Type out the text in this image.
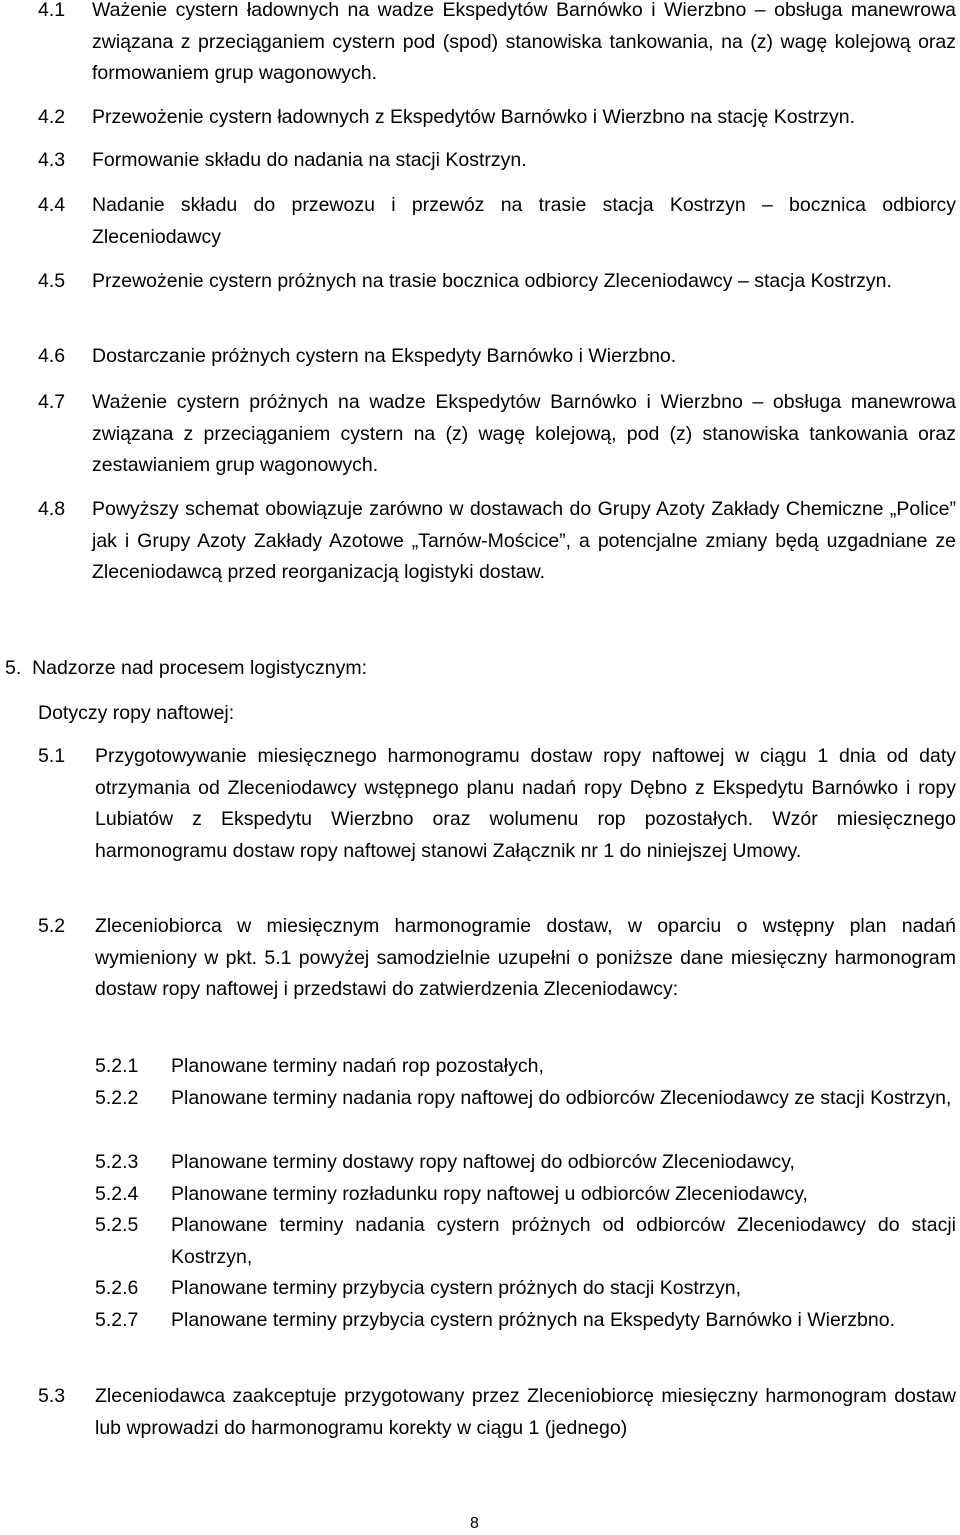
4.1	Ważenie cystern ładownych na wadze Ekspedytów Barnówko i Wierzbno – obsługa manewrowa związana z przeciąganiem cystern pod (spod) stanowiska tankowania, na (z) wagę kolejową oraz formowaniem grup wagonowych.
4.2	Przewożenie cystern ładownych z Ekspedytów Barnówko i Wierzbno na stację Kostrzyn.
4.3	Formowanie składu do nadania na stacji Kostrzyn.
4.4	Nadanie składu do przewozu i przewóz na trasie stacja Kostrzyn – bocznica odbiorcy Zleceniodawcy
4.5	Przewożenie cystern próżnych na trasie bocznica odbiorcy Zleceniodawcy – stacja Kostrzyn.
4.6	Dostarczanie próżnych cystern na Ekspedyty Barnówko i Wierzbno.
4.7	Ważenie cystern próżnych na wadze Ekspedytów Barnówko i Wierzbno – obsługa manewrowa związana z przeciąganiem cystern na (z) wagę kolejową, pod (z) stanowiska tankowania oraz zestawianiem grup wagonowych.
4.8	Powyższy schemat obowiązuje zarówno w dostawach do Grupy Azoty Zakłady Chemiczne „Police” jak i Grupy Azoty Zakłady Azotowe „Tarnów-Mościce”, a potencjalne zmiany będą uzgadniane ze Zleceniodawcą przed reorganizacją logistyki dostaw.
5.  Nadzorze nad procesem logistycznym:
Dotyczy ropy naftowej:
5.1	Przygotowywanie miesięcznego harmonogramu dostaw ropy naftowej w ciągu 1 dnia od daty otrzymania od Zleceniodawcy wstępnego planu nadań ropy Dębno z Ekspedytu Barnówko i ropy Lubiatów z Ekspedytu Wierzbno oraz wolumenu rop pozostałych. Wzór miesięcznego harmonogramu dostaw ropy naftowej stanowi Załącznik nr 1 do niniejszej Umowy.
5.2	Zleceniobiorca w miesięcznym harmonogramie dostaw, w oparciu o wstępny plan nadań wymieniony w pkt. 5.1 powyżej samodzielnie uzupełni o poniższe dane miesięczny harmonogram dostaw ropy naftowej i przedstawi do zatwierdzenia Zleceniodawcy:
5.2.1	Planowane terminy nadań rop pozostałych,
5.2.2	Planowane terminy nadania ropy naftowej do odbiorców Zleceniodawcy ze stacji Kostrzyn,
5.2.3	Planowane terminy dostawy ropy naftowej do odbiorców Zleceniodawcy,
5.2.4	Planowane terminy rozładunku ropy naftowej u odbiorców Zleceniodawcy,
5.2.5	Planowane terminy nadania cystern próżnych od odbiorców Zleceniodawcy do stacji Kostrzyn,
5.2.6	Planowane terminy przybycia cystern próżnych do stacji Kostrzyn,
5.2.7	Planowane terminy przybycia cystern próżnych na Ekspedyty Barnówko i Wierzbno.
5.3	Zleceniodawca zaakceptuje przygotowany przez Zleceniobiorcę miesięczny harmonogram dostaw lub wprowadzi do harmonogramu korekty w ciągu 1 (jednego)
8
